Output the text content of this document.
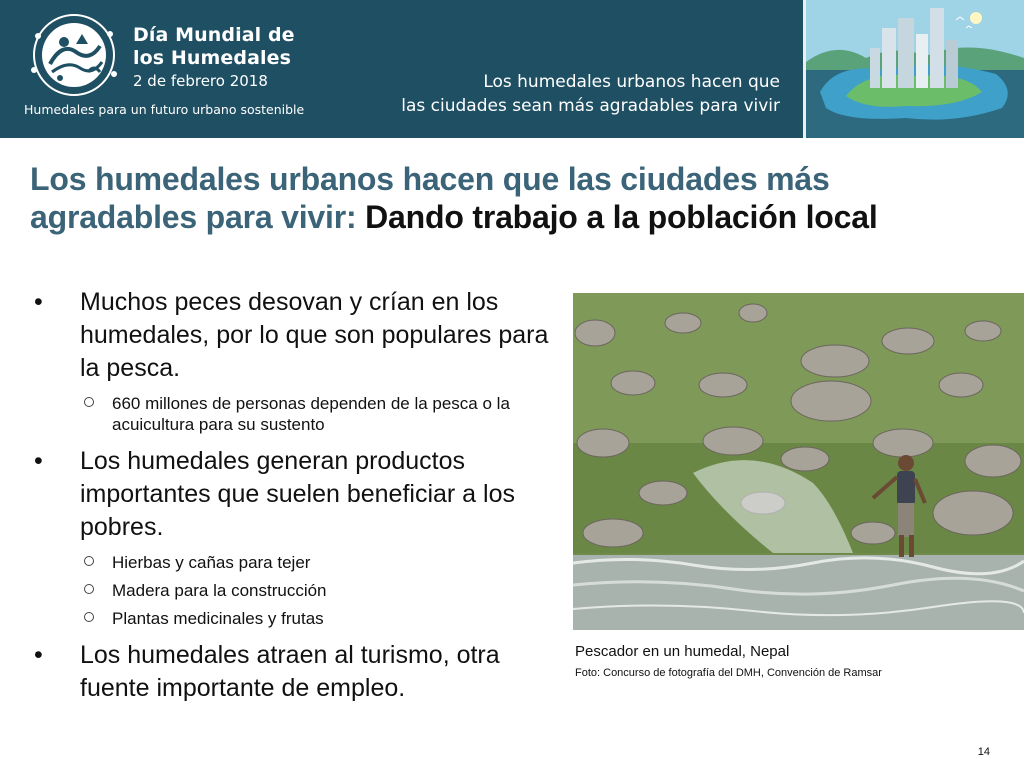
Día Mundial de
los Humedales
2 de febrero 2018
Humedales para un futuro urbano sostenible
Los humedales urbanos hacen que
las ciudades sean más agradables para vivir
Los humedales urbanos hacen que las ciudades más agradables para vivir: Dando trabajo a la población local
• Muchos peces desovan y crían en los humedales, por lo que son populares para la pesca.
660 millones de personas dependen de la pesca o la acuicultura para su sustento
• Los humedales generan productos importantes que suelen beneficiar a los pobres.
Hierbas y cañas para tejer
Madera para la construcción
Plantas medicinales y frutas
• Los humedales atraen al turismo, otra fuente importante de empleo.
Pescador en un humedal, Nepal
Foto: Concurso de fotografía del DMH, Convención de Ramsar
14
